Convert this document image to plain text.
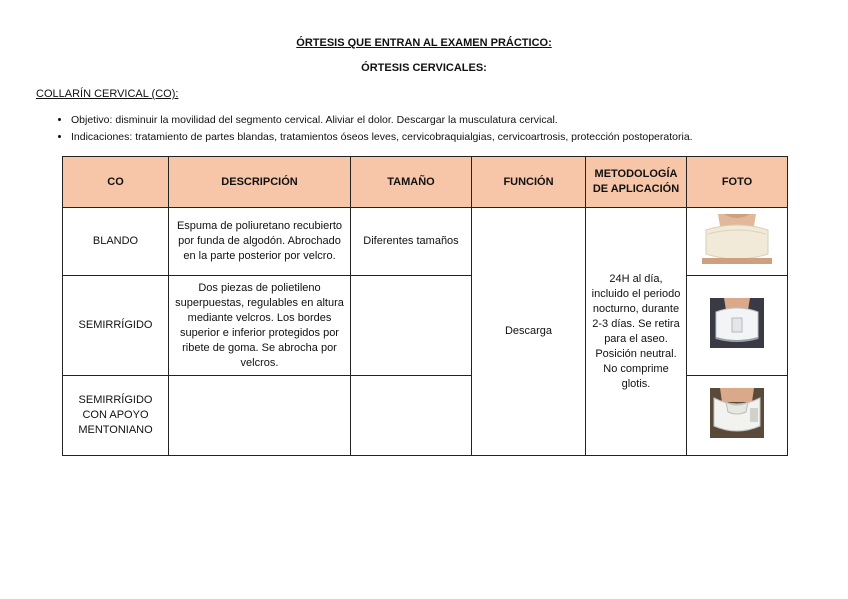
ÓRTESIS QUE ENTRAN AL EXAMEN PRÁCTICO:
ÓRTESIS CERVICALES:
COLLARÍN CERVICAL (CO):
• Objetivo: disminuir la movilidad del segmento cervical. Aliviar el dolor. Descargar la musculatura cervical.
• Indicaciones: tratamiento de partes blandas, tratamientos óseos leves, cervicobraquialgias, cervicoartrosis, protección postoperatoria.
CO	DESCRIPCIÓN	TAMAÑO	FUNCIÓN	METODOLOGÍA DE APLICACIÓN	FOTO
BLANDO	Espuma de poliuretano recubierto por funda de algodón. Abrochado en la parte posterior por velcro.	Diferentes tamaños	Descarga	24H al día, incluido el periodo nocturno, durante 2-3 días. Se retira para el aseo. Posición neutral. No comprime glotis.	
SEMIRRÍGIDO	Dos piezas de polietileno superpuestas, regulables en altura mediante velcros. Los bordes superior e inferior protegidos por ribete de goma. Se abrocha por velcros.		
SEMIRRÍGIDO CON APOYO MENTONIANO			
